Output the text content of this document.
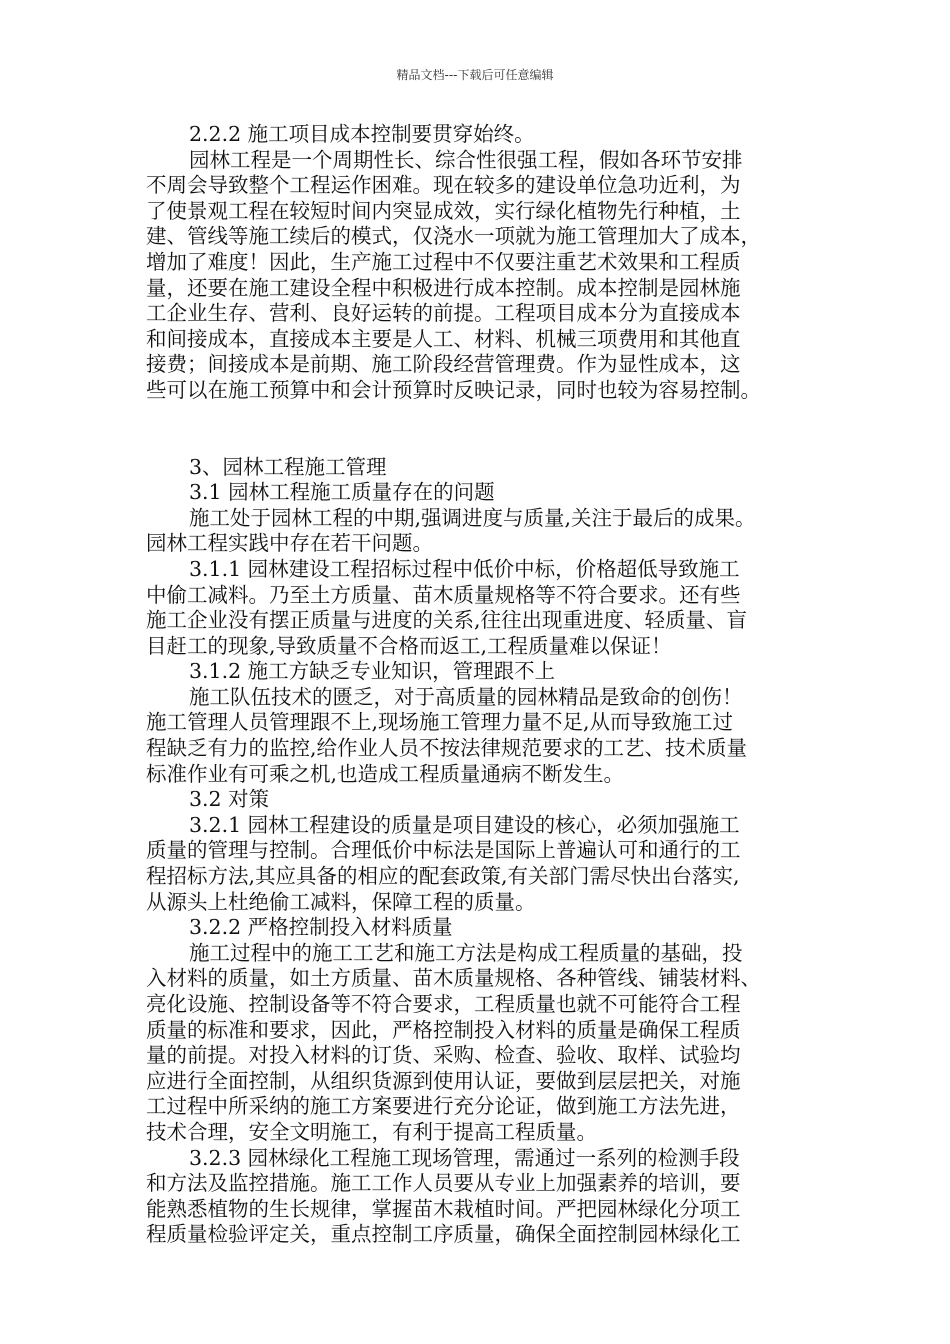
精品文档---下载后可任意编辑
2.2.2 施工项目成本控制要贯穿始终。
园林工程是一个周期性长、综合性很强工程，假如各环节安排
不周会导致整个工程运作困难。现在较多的建设单位急功近利，为
了使景观工程在较短时间内突显成效，实行绿化植物先行种植，土
建、管线等施工续后的模式，仅浇水一项就为施工管理加大了成本，
增加了难度！因此，生产施工过程中不仅要注重艺术效果和工程质
量，还要在施工建设全程中积极进行成本控制。成本控制是园林施
工企业生存、营利、良好运转的前提。工程项目成本分为直接成本
和间接成本，直接成本主要是人工、材料、机械三项费用和其他直
接费；间接成本是前期、施工阶段经营管理费。作为显性成本，这
些可以在施工预算中和会计预算时反映记录，同时也较为容易控制。
3、园林工程施工管理
3.1 园林工程施工质量存在的问题
施工处于园林工程的中期,强调进度与质量,关注于最后的成果。
园林工程实践中存在若干问题。
3.1.1 园林建设工程招标过程中低价中标，价格超低导致施工
中偷工减料。乃至土方质量、苗木质量规格等不符合要求。还有些
施工企业没有摆正质量与进度的关系,往往出现重进度、轻质量、盲
目赶工的现象,导致质量不合格而返工,工程质量难以保证！
3.1.2 施工方缺乏专业知识，管理跟不上
施工队伍技术的匮乏，对于高质量的园林精品是致命的创伤！
施工管理人员管理跟不上,现场施工管理力量不足,从而导致施工过
程缺乏有力的监控,给作业人员不按法律规范要求的工艺、技术质量
标准作业有可乘之机,也造成工程质量通病不断发生。
3.2 对策
3.2.1 园林工程建设的质量是项目建设的核心，必须加强施工
质量的管理与控制。合理低价中标法是国际上普遍认可和通行的工
程招标方法,其应具备的相应的配套政策,有关部门需尽快出台落实,
从源头上杜绝偷工减料，保障工程的质量。
3.2.2 严格控制投入材料质量
施工过程中的施工工艺和施工方法是构成工程质量的基础，投
入材料的质量，如土方质量、苗木质量规格、各种管线、铺装材料、
亮化设施、控制设备等不符合要求，工程质量也就不可能符合工程
质量的标准和要求，因此，严格控制投入材料的质量是确保工程质
量的前提。对投入材料的订货、采购、检查、验收、取样、试验均
应进行全面控制，从组织货源到使用认证，要做到层层把关，对施
工过程中所采纳的施工方案要进行充分论证，做到施工方法先进，
技术合理，安全文明施工，有利于提高工程质量。
3.2.3 园林绿化工程施工现场管理，需通过一系列的检测手段
和方法及监控措施。施工工作人员要从专业上加强素养的培训，要
能熟悉植物的生长规律，掌握苗木栽植时间。严把园林绿化分项工
程质量检验评定关，重点控制工序质量，确保全面控制园林绿化工
